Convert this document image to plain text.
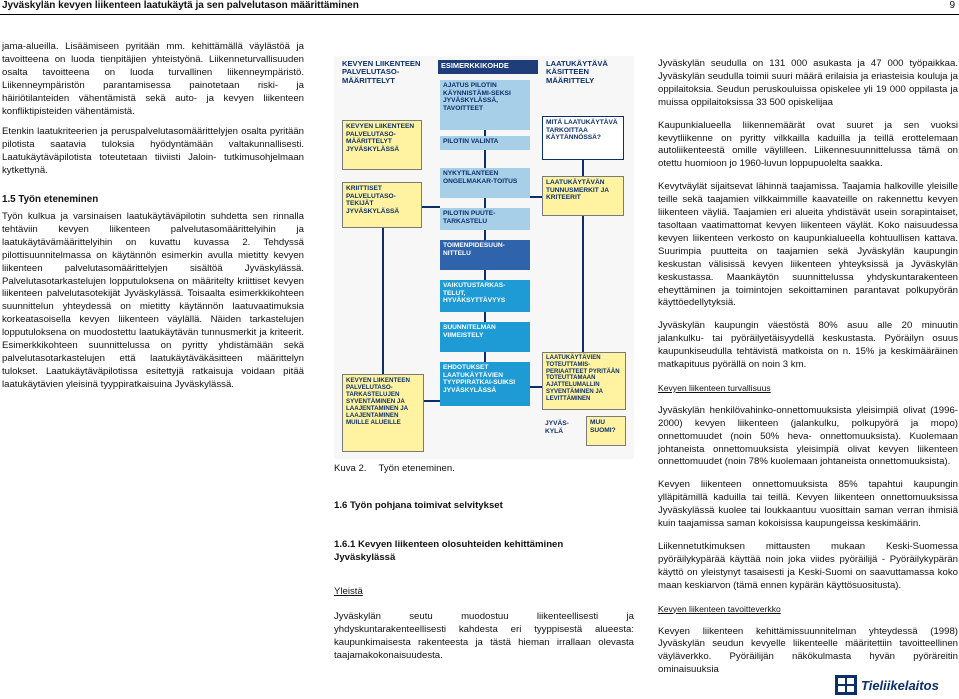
Jyväskylän kevyen liikenteen laatukäytä ja sen palvelutason määrittäminen	9

jama-alueilla. Lisäämiseen pyritään mm. kehittämällä väylästöä ja tavoitteena on luoda tienpitäjien yhteistyönä. Liikenneturvallisuuden osalta tavoitteena on luoda turvallinen liikenneympäristö. Liikenneympäristön parantamisessa painotetaan riski- ja häiriötilanteiden vähentämistä sekä auto- ja kevyen liikenteen konfliktipisteiden vähentämistä.

Etenkin laatukriteerien ja peruspalvelutasomäärittelyjen osalta pyritään pilotista saatavia tuloksia hyödyntämään valtakunnallisesti. Laatukäytäväpilotista toteutetaan tiiviisti Jaloin- tutkimusohjelmaan kytkettynä.

1.5 Työn eteneminen

Työn kulkua ja varsinaisen laatukäytäväpilotin suhdetta sen rinnalla tehtäviin kevyen liikenteen palvelutasomäärittelyihin ja laatukäytävämäärittelyihin on kuvattu kuvassa 2. Tehdyssä pilottisuunnitelmassa on käytännön esimerkin avulla mietitty kevyen liikenteen palvelutasomäärittelyjen sisältöä Jyväskylässä. Palvelutasotarkastelujen lopputuloksena on määritelty kriittiset kevyen liikenteen palvelutasotekijät Jyväskylässä. Toisaalta esimerkkikohteen suunnittelun yhteydessä on mietitty käytännön laatuvaatimuksia korkeatasoisella kevyen liikenteen väylällä. Näiden tarkastelujen lopputuloksena on muodostettu laatukäytävän tunnusmerkit ja kriteerit. Esimerkkikohteen suunnittelussa on pyritty yhdistämään sekä palvelutasotarkastelujen että laatukäytäväkäsitteen määrittelyn tulokset. Laatukäytäväpilotissa esitettyjä ratkaisuja voidaan pitää laatukäytävien yleisinä tyyppiratkaisuina Jyväskylässä.

KEVYEN LIIKENTEEN PALVELUTASO-MÄÄRITTELYT
ESIMERKKIKOHDE	LAATUKÄYTÄVÄ KÄSITTEEN MÄÄRITTELY
KEVYEN LIIKENTEEN PALVELUTASO-MÄÄRITTELYT JYVÄSKYLÄSSÄ
KRIITTISET PALVELUTASO-TEKIJÄT JYVÄSKYLÄSSÄ
AJATUS PILOTIN KÄYNNISTÄMI-SEKSI JYVÄSKYLÄSSÄ, TAVOITTEET
PILOTIN VALINTA
NYKYTILANTEEN ONGELMAKAR-TOITUS
PILOTIN PUUTE-TARKASTELU
TOIMENPIDESUUN-NITTELU
VAIKUTUSTARKAS-TELUT, HYVÄKSYTTÄVYYS
SUUNNITELMAN VIIMEISTELY
EHDOTUKSET LAATUKÄYTÄVIEN TYYPPIRATKAI-SUIKSI JYVÄSKYLÄSSÄ
MITÄ LAATUKÄYTÄVÄ TARKOITTAA KÄYTÄNNÖSSÄ?
LAATUKÄYTÄVÄN TUNNUSMERKIT JA KRITEERIT
LAATUKÄYTÄVIEN TOTEUTTAMIS-PERIAATTEET PYRITÄÄN TOTEUTTAMAAN AJATTELUMALLIN SYVENTÄMINEN JA LEVITTÄMINEN
KEVYEN LIIKENTEEN PALVELUTASO-TARKASTELUJEN SYVENTÄMINEN JA LAAJENTAMINEN JA LAAJENTAMINEN MUILLE ALUEILLE	JYVÄS-KYLÄ
MUU SUOMI?
Kuva 2. Työn eteneminen.
1.6 Työn pohjana toimivat selvitykset
1.6.1 Kevyen liikenteen olosuhteiden kehittäminen Jyväskylässä
Yleistä
Jyväskylän seutu muodostuu liikenteellisesti ja yhdyskuntarakenteellisesti kahdesta eri tyyppisestä alueesta: kaupunkimaisesta rakenteesta ja tästä hieman irrallaan olevasta taajamakokonaisuudesta.

Jyväskylän seudulla on 131 000 asukasta ja 47 000 työpaikkaa. Jyväskylän seudulla toimii suuri määrä erilaisia ja eriasteisia kouluja ja oppilaitoksia. Seudun peruskouluissa opiskelee yli 19 000 oppilasta ja muissa oppilaitoksissa 33 500 opiskelijaa

Kaupunkialueella liikennemäärät ovat suuret ja sen vuoksi kevytliikenne on pyritty vilkkailla kaduilla ja teillä erottelemaan autoliikenteestä omille väylilleen. Liikennesuunnittelussa tämä on otettu huomioon jo 1960-luvun loppupuolelta saakka.

Kevytväylät sijaitsevat lähinnä taajamissa. Taajamia halkoville yleisille teille sekä taajamien vilkkaimmille kaavateille on rakennettu kevyen liikenteen väyliä. Taajamien eri alueita yhdistävät usein sorapintaiset, tasoltaan vaatimattomat kevyen liikenteen väylät. Koko naisuudessa kevyen liikenteen verkosto on kaupunkialueella kohtuullisen kattava. Suurimpia puutteita on taajamien sekä Jyväskylän kaupungin keskustan välisissä kevyen liikenteen yhteyksissä ja Jyväskylän keskustassa. Maankäytön suunnittelussa yhdyskuntarakenteen eheyttäminen ja toimintojen sekoittaminen parantavat polkupyörän käyttöedellytyksiä.

Jyväskylän kaupungin väestöstä 80% asuu alle 20 minuutin jalankulku- tai pyöräilyetäisyydellä keskustasta. Pyöräilyn osuus kaupunkiseudulla tehtävistä matkoista on n. 15% ja keskimääräinen matkapituus pyörällä on noin 3 km.

Kevyen liikenteen turvallisuus

Jyväskylän henkilövahinko-onnettomuuksista yleisimpiä olivat (1996-2000) kevyen liikenteen (jalankulku, polkupyörä ja mopo) onnettomuudet (noin 50% heva- onnettomuuksista). Kuolemaan johtaneista onnettomuuksista yleisimpiä olivat kevyen liikenteen onnettomuudet (noin 78% kuolemaan johtaneista onnettomuuksista).

Kevyen liikenteen onnettomuuksista 85% tapahtui kaupungin ylläpitämillä kaduilla tai teillä. Kevyen liikenteen onnettomuuksissa Jyväskylässä kuolee tai loukkaantuu vuosittain saman verran ihmisiä kuin taajamissa saman kokoisissa kaupungeissa keskimäärin.

Liikennetutkimuksen mittausten mukaan Keski-Suomessa pyöräilykypärää käyttää noin joka viides pyöräilijä - Pyöräilykypärän käyttö on yleistynyt tasaisesti ja Keski-Suomi on saavuttamassa koko maan keskiarvon (tämä ennen kypärän käyttösuositusta).

Kevyen liikenteen tavoitteverkko

Kevyen liikenteen kehittämissuunnitelman yhteydessä (1998) Jyväskylän seudun kevyelle liikenteelle määritettiin tavoitteellinen väyläverkko. Pyöräilijän näkökulmasta hyvän pyöräreitin ominaisuuksia

Tieliikelaitos
